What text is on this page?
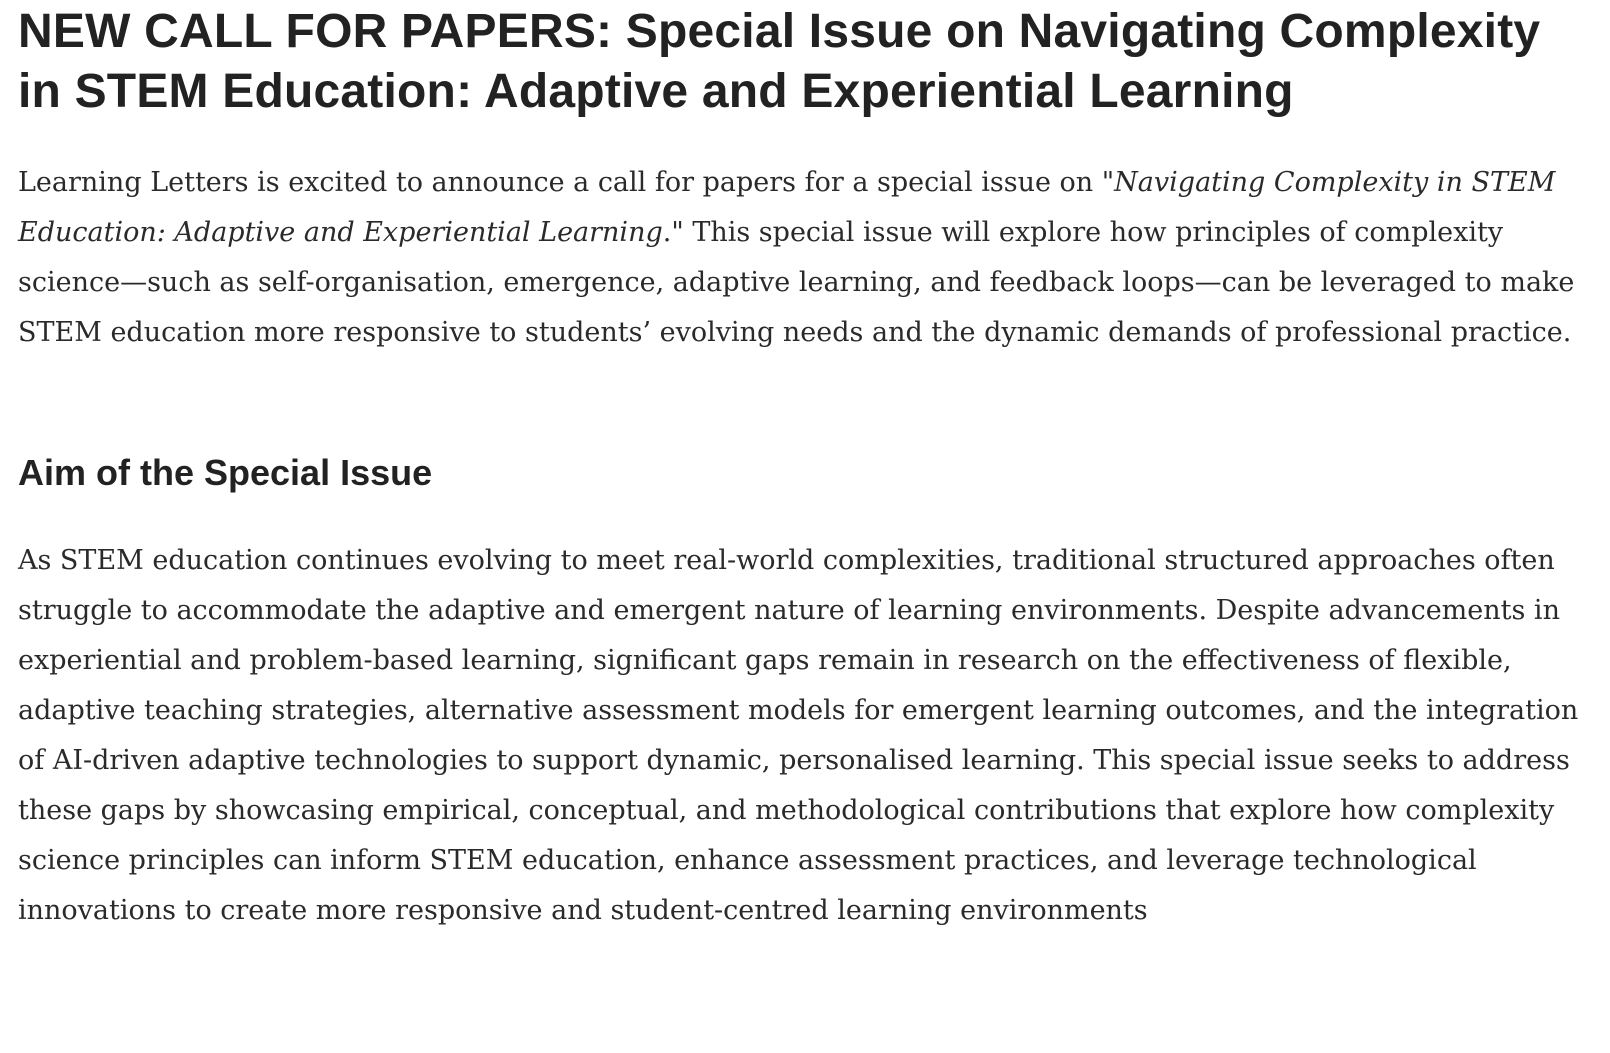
NEW CALL FOR PAPERS: Special Issue on Navigating Complexity in STEM Education: Adaptive and Experiential Learning

Learning Letters is excited to announce a call for papers for a special issue on "Navigating Complexity in STEM Education: Adaptive and Experiential Learning." This special issue will explore how principles of complexity science—such as self-organisation, emergence, adaptive learning, and feedback loops—can be leveraged to make STEM education more responsive to students’ evolving needs and the dynamic demands of professional practice.

Aim of the Special Issue

As STEM education continues evolving to meet real-world complexities, traditional structured approaches often struggle to accommodate the adaptive and emergent nature of learning environments. Despite advancements in experiential and problem-based learning, significant gaps remain in research on the effectiveness of flexible, adaptive teaching strategies, alternative assessment models for emergent learning outcomes, and the integration of AI-driven adaptive technologies to support dynamic, personalised learning. This special issue seeks to address these gaps by showcasing empirical, conceptual, and methodological contributions that explore how complexity science principles can inform STEM education, enhance assessment practices, and leverage technological innovations to create more responsive and student-centred learning environments
